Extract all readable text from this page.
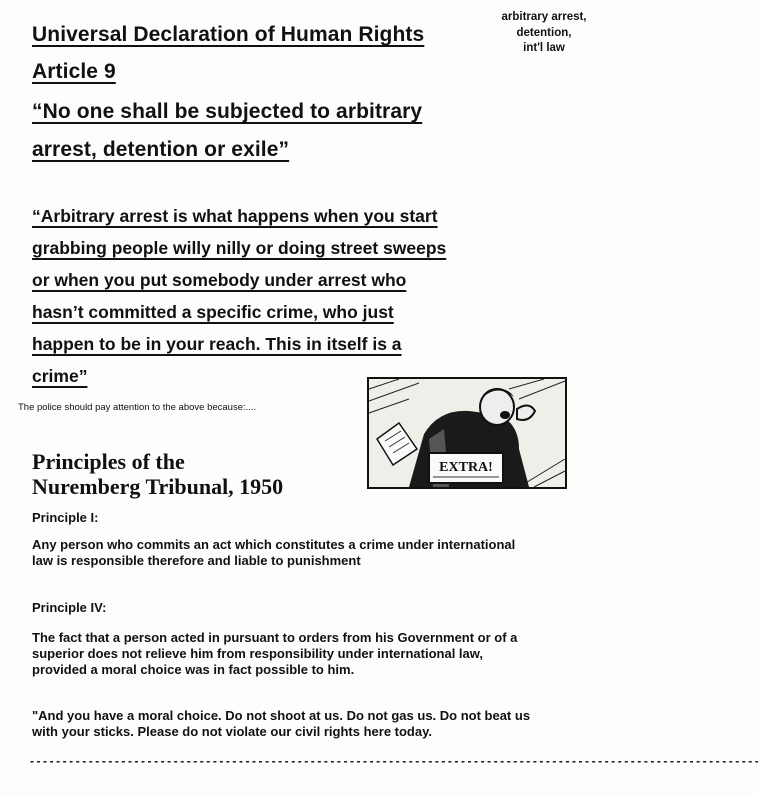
Universal Declaration of Human Rights
Article 9
“No one shall be subjected to arbitrary
arrest, detention or exile”
arbitrary arrest,
detention,
int'l law
“Arbitrary arrest is what happens when you start
grabbing people willy nilly or doing street sweeps
or when you put somebody under arrest who
hasn’t committed a specific crime, who just
happen to be in your reach. This in itself is a
crime”
The police should pay attention to the above because:....
EXTRA!
Principles of the
Nuremberg Tribunal, 1950
Principle I:
Any person who commits an act which constitutes a crime under international law is responsible therefore and liable to punishment
Principle IV:
The fact that a person acted in pursuant to orders from his Government or of a superior does not relieve him from responsibility under international law, provided a moral choice was in fact possible to him.
"And you have a moral choice. Do not shoot at us. Do not gas us. Do not beat us with your sticks. Please do not violate our civil rights here today.
- - - - - - - - - - - - - - - - - - - - - - - - - - - - - - - - - - - - - - - - - - - - - - - - - - - - - - - - - - - - - - - - - - - - - - - - - - - - - - - - - - - - - - - - - - - - - - - - - - - - - - - - - - - - - - - -
